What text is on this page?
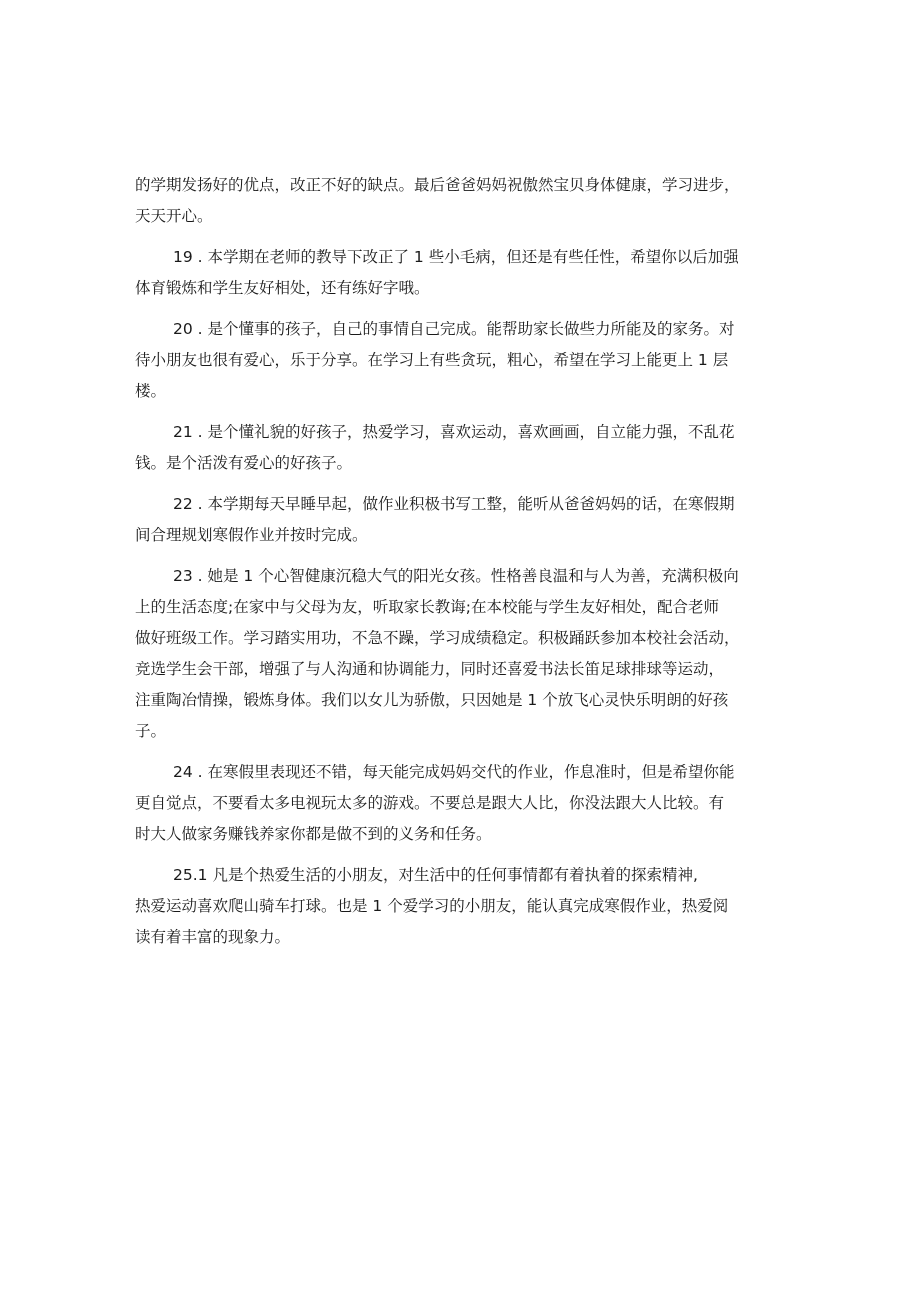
的学期发扬好的优点，改正不好的缺点。最后爸爸妈妈祝傲然宝贝身体健康，学习进步，
天天开心。
19 . 本学期在老师的教导下改正了 1 些小毛病，但还是有些任性，希望你以后加强
体育锻炼和学生友好相处，还有练好字哦。
20 . 是个懂事的孩子，自己的事情自己完成。能帮助家长做些力所能及的家务。对
待小朋友也很有爱心，乐于分享。在学习上有些贪玩，粗心，希望在学习上能更上 1 层
楼。
21 . 是个懂礼貌的好孩子，热爱学习，喜欢运动，喜欢画画，自立能力强，不乱花
钱。是个活泼有爱心的好孩子。
22 . 本学期每天早睡早起，做作业积极书写工整，能听从爸爸妈妈的话，在寒假期
间合理规划寒假作业并按时完成。
23 . 她是 1 个心智健康沉稳大气的阳光女孩。性格善良温和与人为善，充满积极向
上的生活态度;在家中与父母为友，听取家长教诲;在本校能与学生友好相处，配合老师
做好班级工作。学习踏实用功，不急不躁，学习成绩稳定。积极踊跃参加本校社会活动，
竞选学生会干部，增强了与人沟通和协调能力，同时还喜爱书法长笛足球排球等运动，
注重陶冶情操，锻炼身体。我们以女儿为骄傲，只因她是 1 个放飞心灵快乐明朗的好孩
子。
24 . 在寒假里表现还不错，每天能完成妈妈交代的作业，作息准时，但是希望你能
更自觉点，不要看太多电视玩太多的游戏。不要总是跟大人比，你没法跟大人比较。有
时大人做家务赚钱养家你都是做不到的义务和任务。
25.1 凡是个热爱生活的小朋友，对生活中的任何事情都有着执着的探索精神,
热爱运动喜欢爬山骑车打球。也是 1 个爱学习的小朋友，能认真完成寒假作业，热爱阅
读有着丰富的现象力。
